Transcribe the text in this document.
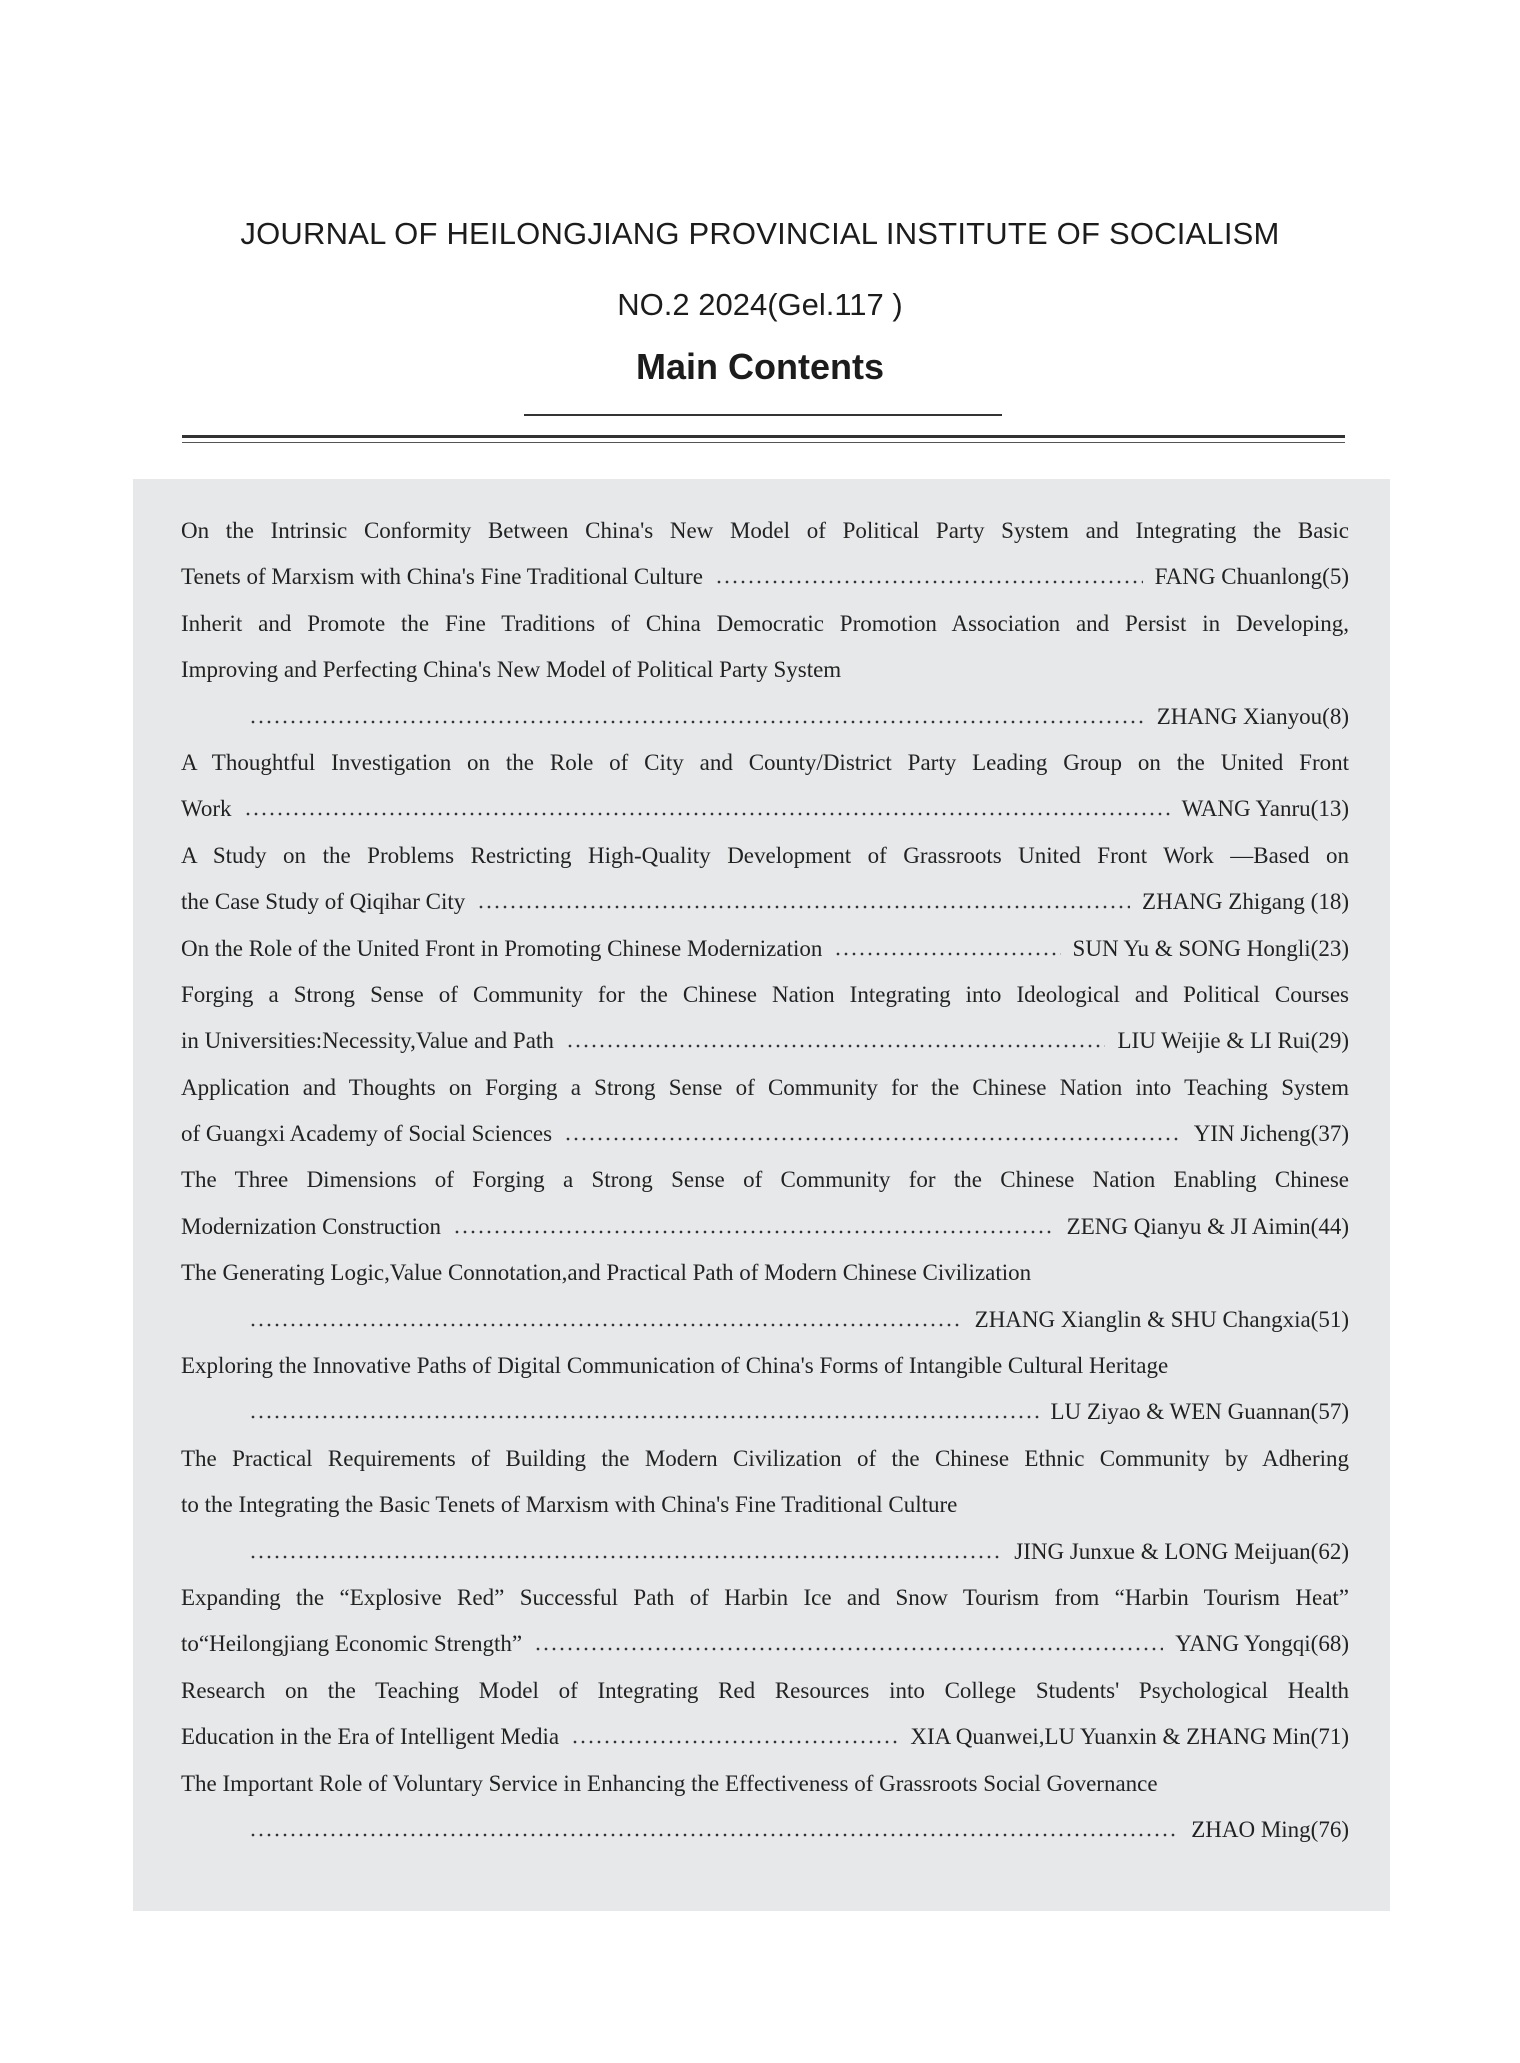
JOURNAL OF HEILONGJIANG PROVINCIAL INSTITUTE OF SOCIALISM
NO.2 2024(Gel.117 )
Main Contents
On the Intrinsic Conformity Between China's New Model of Political Party System and Integrating the Basic
Tenets of Marxism with China's Fine Traditional Culture	FANG Chuanlong(5)
Inherit and Promote the Fine Traditions of China Democratic Promotion Association and Persist in Developing,
Improving and Perfecting China's New Model of Political Party System
ZHANG Xianyou(8)
A Thoughtful Investigation on the Role of City and County/District Party Leading Group on the United Front
Work	WANG Yanru(13)
A Study on the Problems Restricting High-Quality Development of Grassroots United Front Work —Based on
the Case Study of Qiqihar City	ZHANG Zhigang (18)
On the Role of the United Front in Promoting Chinese Modernization	SUN Yu & SONG Hongli(23)
Forging a Strong Sense of Community for the Chinese Nation Integrating into Ideological and Political Courses
in Universities:Necessity,Value and Path	LIU Weijie & LI Rui(29)
Application and Thoughts on Forging a Strong Sense of Community for the Chinese Nation into Teaching System
of Guangxi Academy of Social Sciences	YIN Jicheng(37)
The Three Dimensions of Forging a Strong Sense of Community for the Chinese Nation Enabling Chinese
Modernization Construction	ZENG Qianyu & JI Aimin(44)
The Generating Logic,Value Connotation,and Practical Path of Modern Chinese Civilization
ZHANG Xianglin & SHU Changxia(51)
Exploring the Innovative Paths of Digital Communication of China's Forms of Intangible Cultural Heritage
LU Ziyao & WEN Guannan(57)
The Practical Requirements of Building the Modern Civilization of the Chinese Ethnic Community by Adhering
to the Integrating the Basic Tenets of Marxism with China's Fine Traditional Culture
JING Junxue & LONG Meijuan(62)
Expanding the “Explosive Red” Successful Path of Harbin Ice and Snow Tourism from “Harbin Tourism Heat”
to“Heilongjiang Economic Strength”	YANG Yongqi(68)
Research on the Teaching Model of Integrating Red Resources into College Students' Psychological Health
Education in the Era of Intelligent Media	XIA Quanwei,LU Yuanxin & ZHANG Min(71)
The Important Role of Voluntary Service in Enhancing the Effectiveness of Grassroots Social Governance
ZHAO Ming(76)
